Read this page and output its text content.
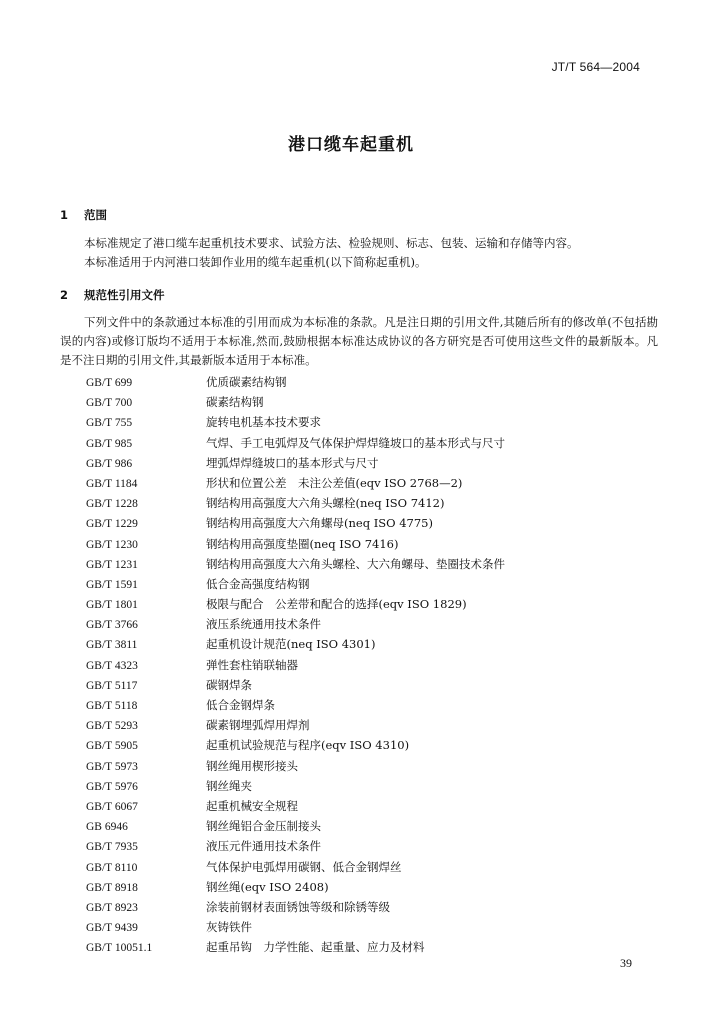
JT/T 564—2004
港口缆车起重机
1 范围

本标准规定了港口缆车起重机技术要求、试验方法、检验规则、标志、包装、运输和存储等内容。

本标准适用于内河港口装卸作业用的缆车起重机(以下简称起重机)。

2 规范性引用文件

下列文件中的条款通过本标准的引用而成为本标准的条款。凡是注日期的引用文件,其随后所有的修改单(不包括勘误的内容)或修订版均不适用于本标准,然而,鼓励根据本标准达成协议的各方研究是否可使用这些文件的最新版本。凡是不注日期的引用文件,其最新版本适用于本标准。

GB/T 699	优质碳素结构钢
GB/T 700	碳素结构钢
GB/T 755	旋转电机基本技术要求
GB/T 985	气焊、手工电弧焊及气体保护焊焊缝坡口的基本形式与尺寸
GB/T 986	埋弧焊焊缝坡口的基本形式与尺寸
GB/T 1184	形状和位置公差　未注公差值(eqv ISO 2768—2)
GB/T 1228	钢结构用高强度大六角头螺栓(neq ISO 7412)
GB/T 1229	钢结构用高强度大六角螺母(neq ISO 4775)
GB/T 1230	钢结构用高强度垫圈(neq ISO 7416)
GB/T 1231	钢结构用高强度大六角头螺栓、大六角螺母、垫圈技术条件
GB/T 1591	低合金高强度结构钢
GB/T 1801	极限与配合　公差带和配合的选择(eqv ISO 1829)
GB/T 3766	液压系统通用技术条件
GB/T 3811	起重机设计规范(neq ISO 4301)
GB/T 4323	弹性套柱销联轴器
GB/T 5117	碳钢焊条
GB/T 5118	低合金钢焊条
GB/T 5293	碳素钢埋弧焊用焊剂
GB/T 5905	起重机试验规范与程序(eqv ISO 4310)
GB/T 5973	钢丝绳用楔形接头
GB/T 5976	钢丝绳夹
GB/T 6067	起重机械安全规程
GB 6946	钢丝绳铝合金压制接头
GB/T 7935	液压元件通用技术条件
GB/T 8110	气体保护电弧焊用碳钢、低合金钢焊丝
GB/T 8918	钢丝绳(eqv ISO 2408)
GB/T 8923	涂装前钢材表面锈蚀等级和除锈等级
GB/T 9439	灰铸铁件
GB/T 10051.1	起重吊钩　力学性能、起重量、应力及材料
39
